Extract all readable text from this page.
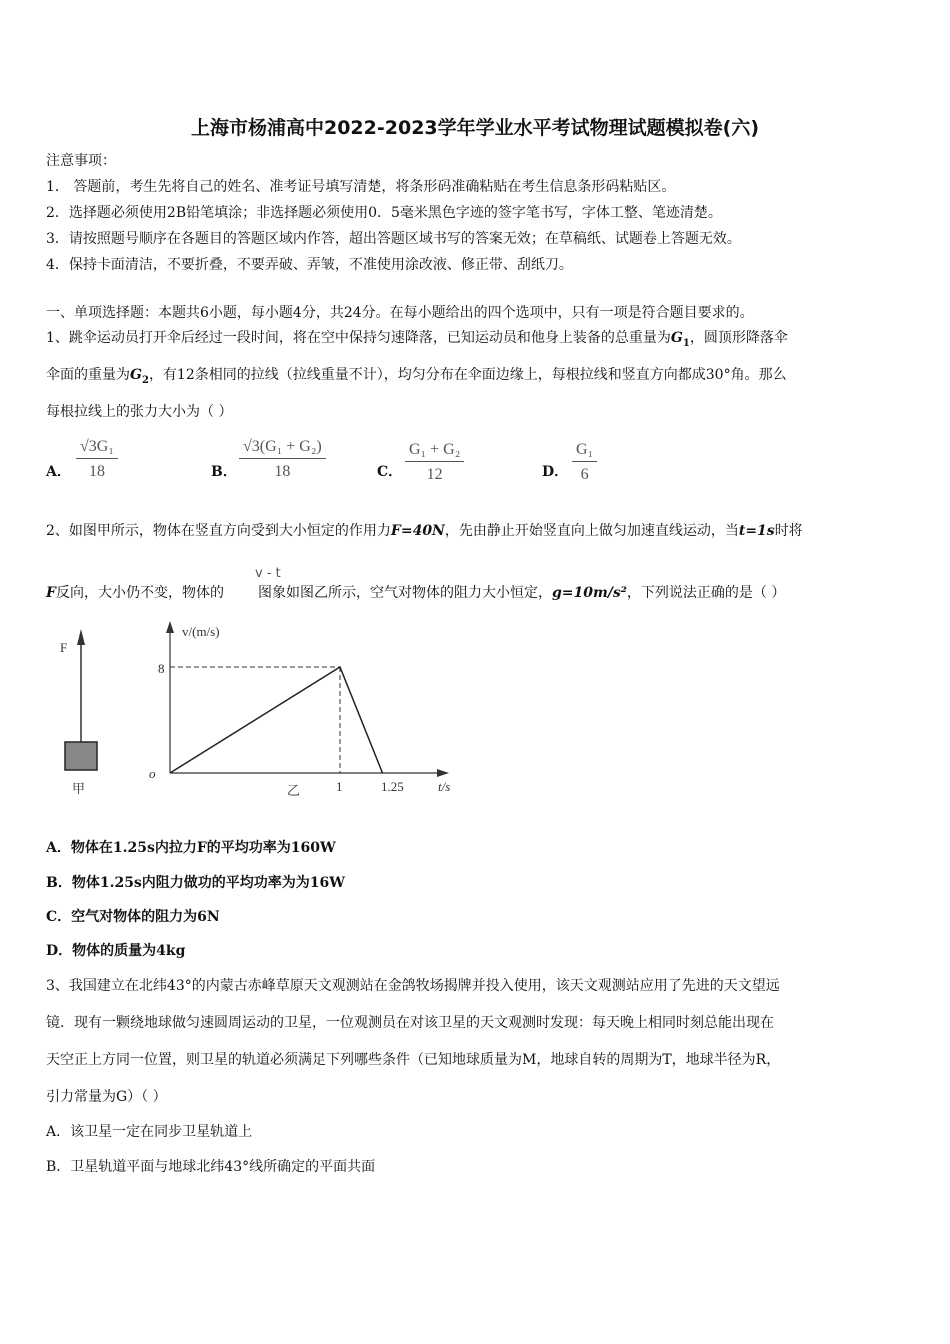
上海市杨浦高中2022-2023学年学业水平考试物理试题模拟卷(六)
注意事项：
1． 答题前，考生先将自己的姓名、准考证号填写清楚，将条形码准确粘贴在考生信息条形码粘贴区。
2．选择题必须使用2B铅笔填涂；非选择题必须使用0．5毫米黑色字迹的签字笔书写，字体工整、笔迹清楚。
3．请按照题号顺序在各题目的答题区域内作答，超出答题区域书写的答案无效；在草稿纸、试题卷上答题无效。
4．保持卡面清洁，不要折叠，不要弄破、弄皱，不准使用涂改液、修正带、刮纸刀。
一、单项选择题：本题共6小题，每小题4分，共24分。在每小题给出的四个选项中，只有一项是符合题目要求的。
1、跳伞运动员打开伞后经过一段时间，将在空中保持匀速降落，已知运动员和他身上装备的总重量为$G_1$，圆顶形降落伞
伞面的重量为$G_2$，有12条相同的拉线（拉线重量不计），均匀分布在伞面边缘上，每根拉线和竖直方向都成30°角。那么
每根拉线上的张力大小为（ ）
A． $\frac{\text{√3G₁}}{18}$	B． $\frac{\text{√3(G₁ + G₂)}}{18}$	C． $\frac{\text{G₁ + G₂}}{12}$	D． $\frac{\text{G₁}}{6}$
2、如图甲所示，物体在竖直方向受到大小恒定的作用力F=40N，先由静止开始竖直向上做匀加速直线运动，当t=1s时将
v - t
F反向，大小仍不变，物体的 图象如图乙所示，空气对物体的阻力大小恒定，g=10m/s²，下列说法正确的是（ ）
F
甲
v/(m/s)
t/s
o
8
1	1.25
乙
A．物体在1.25s内拉力F的平均功率为160W
B．物体1.25s内阻力做功的平均功率为为16W
C．空气对物体的阻力为6N
D．物体的质量为4kg
3、我国建立在北纬43°的内蒙古赤峰草原天文观测站在金鸽牧场揭牌并投入使用，该天文观测站应用了先进的天文望远
镜．现有一颗绕地球做匀速圆周运动的卫星，一位观测员在对该卫星的天文观测时发现：每天晚上相同时刻总能出现在
天空正上方同一位置，则卫星的轨道必须满足下列哪些条件（已知地球质量为M，地球自转的周期为T，地球半径为R，
引力常量为G）（ ）
A．该卫星一定在同步卫星轨道上
B．卫星轨道平面与地球北纬43°线所确定的平面共面
